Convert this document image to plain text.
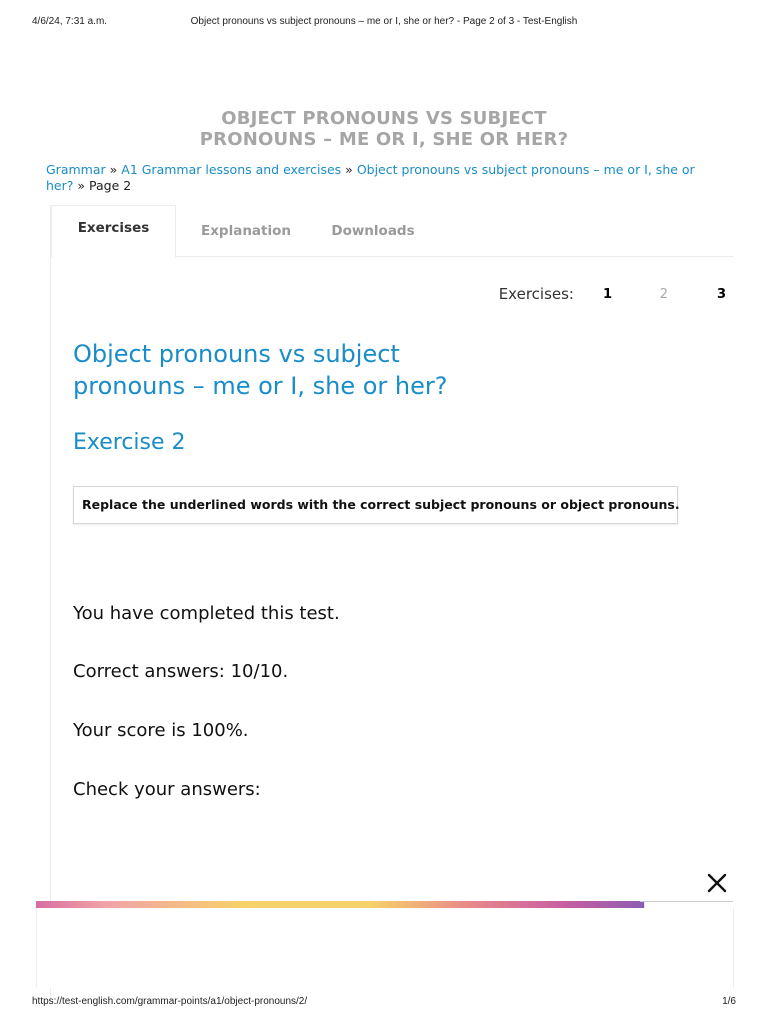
4/6/24, 7:31 a.m.	Object pronouns vs subject pronouns – me or I, she or her? - Page 2 of 3 - Test-English
OBJECT PRONOUNS VS SUBJECT
PRONOUNS – ME OR I, SHE OR HER?
Grammar » A1 Grammar lessons and exercises » Object pronouns vs subject pronouns – me or I, she or her? » Page 2
Exercises	Explanation	Downloads
Exercises: 1	2	3
Object pronouns vs subject
pronouns – me or I, she or her?
Exercise 2
Replace the underlined words with the correct subject pronouns or object pronouns.
You have completed this test.
Correct answers: 10/10.
Your score is 100%.
Check your answers:
https://test-english.com/grammar-points/a1/object-pronouns/2/	1/6
